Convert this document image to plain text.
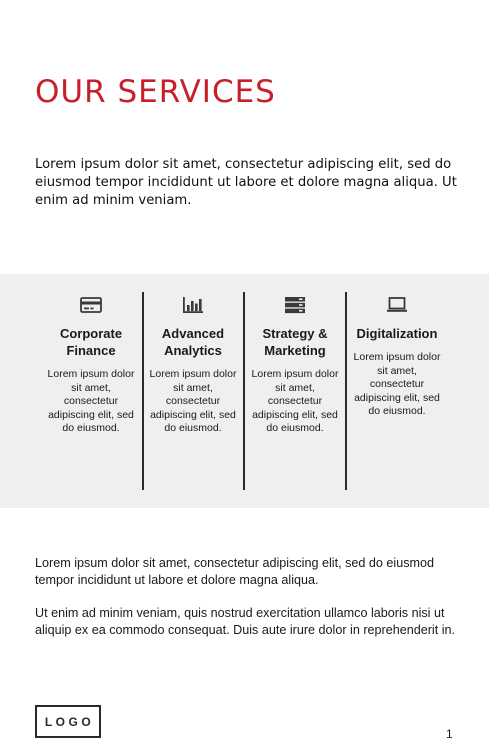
OUR SERVICES

Lorem ipsum dolor sit amet, consectetur adipiscing elit, sed do eiusmod tempor incididunt ut labore et dolore magna aliqua. Ut enim ad minim veniam.

Corporate Finance

Lorem ipsum dolor sit amet, consectetur adipiscing elit, sed do eiusmod.

Advanced Analytics

Lorem ipsum dolor sit amet, consectetur adipiscing elit, sed do eiusmod.

Strategy & Marketing

Lorem ipsum dolor sit amet, consectetur adipiscing elit, sed do eiusmod.

Digitalization

Lorem ipsum dolor sit amet, consectetur adipiscing elit, sed do eiusmod.

Lorem ipsum dolor sit amet, consectetur adipiscing elit, sed do eiusmod tempor incididunt ut labore et dolore magna aliqua.

Ut enim ad minim veniam, quis nostrud exercitation ullamco laboris nisi ut aliquip ex ea commodo consequat. Duis aute irure dolor in reprehenderit in.

LOGO
1
